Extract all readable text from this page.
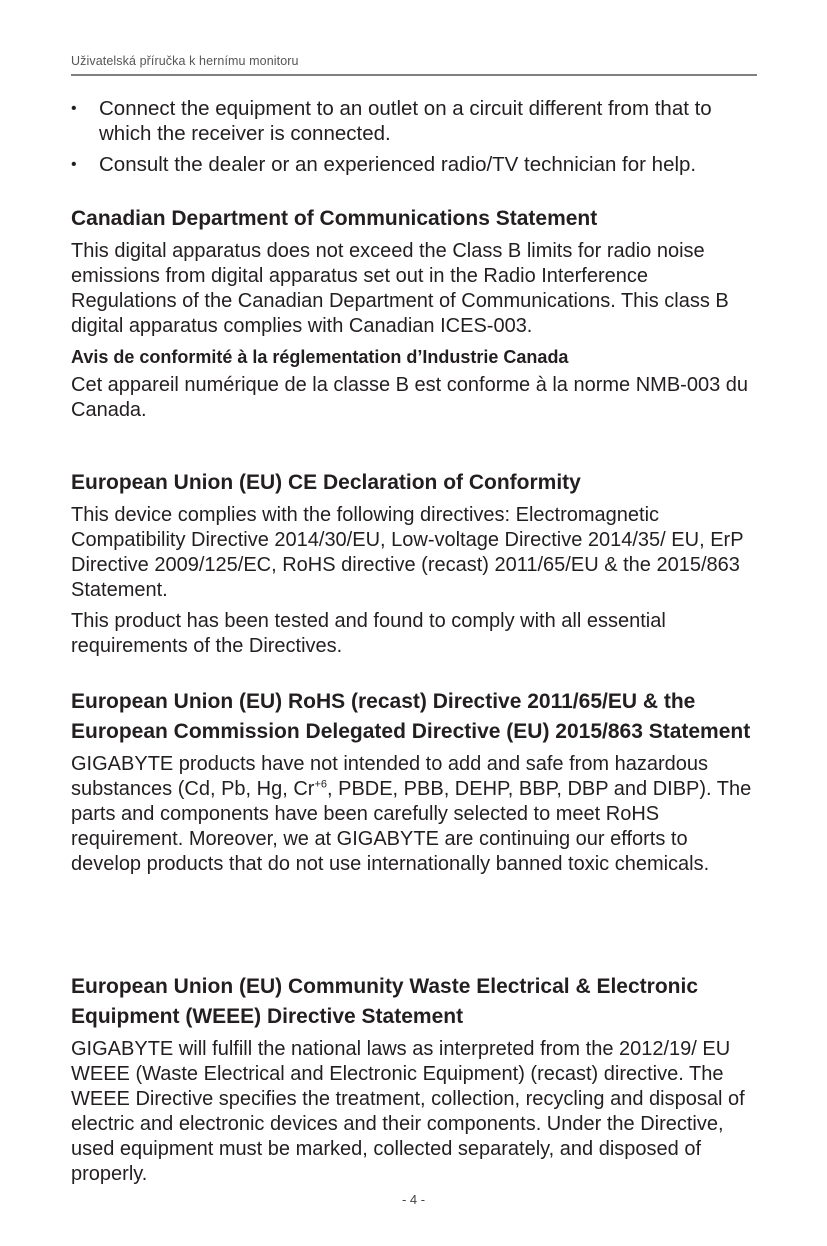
Uživatelská příručka k hernímu monitoru
• Connect the equipment to an outlet on a circuit different from that to which the receiver is connected.
• Consult the dealer or an experienced radio/TV technician for help.
Canadian Department of Communications Statement

This digital apparatus does not exceed the Class B limits for radio noise emissions from digital apparatus set out in the Radio Interference Regulations of the Canadian Department of Communications. This class B digital apparatus complies with Canadian ICES-003.

Avis de conformité à la réglementation d’Industrie Canada

Cet appareil numérique de la classe B est conforme à la norme NMB-003 du Canada.

European Union (EU) CE Declaration of Conformity

This device complies with the following directives: Electromagnetic Compatibility Directive 2014/30/EU, Low-voltage Directive 2014/35/ EU, ErP Directive 2009/125/EC, RoHS directive (recast) 2011/65/EU & the 2015/863 Statement.

This product has been tested and found to comply with all essential requirements of the Directives.

European Union (EU) RoHS (recast) Directive 2011/65/EU & the European Commission Delegated Directive (EU) 2015/863 Statement

GIGABYTE products have not intended to add and safe from hazardous substances (Cd, Pb, Hg, $Cr^{+6}$, PBDE, PBB, DEHP, BBP, DBP and DIBP). The parts and components have been carefully selected to meet RoHS requirement. Moreover, we at GIGABYTE are continuing our efforts to develop products that do not use internationally banned toxic chemicals.

European Union (EU) Community Waste Electrical & Electronic Equipment (WEEE) Directive Statement

GIGABYTE will fulfill the national laws as interpreted from the 2012/19/ EU WEEE (Waste Electrical and Electronic Equipment) (recast) directive. The WEEE Directive specifies the treatment, collection, recycling and disposal of electric and electronic devices and their components. Under the Directive, used equipment must be marked, collected separately, and disposed of properly.

- 4 -
